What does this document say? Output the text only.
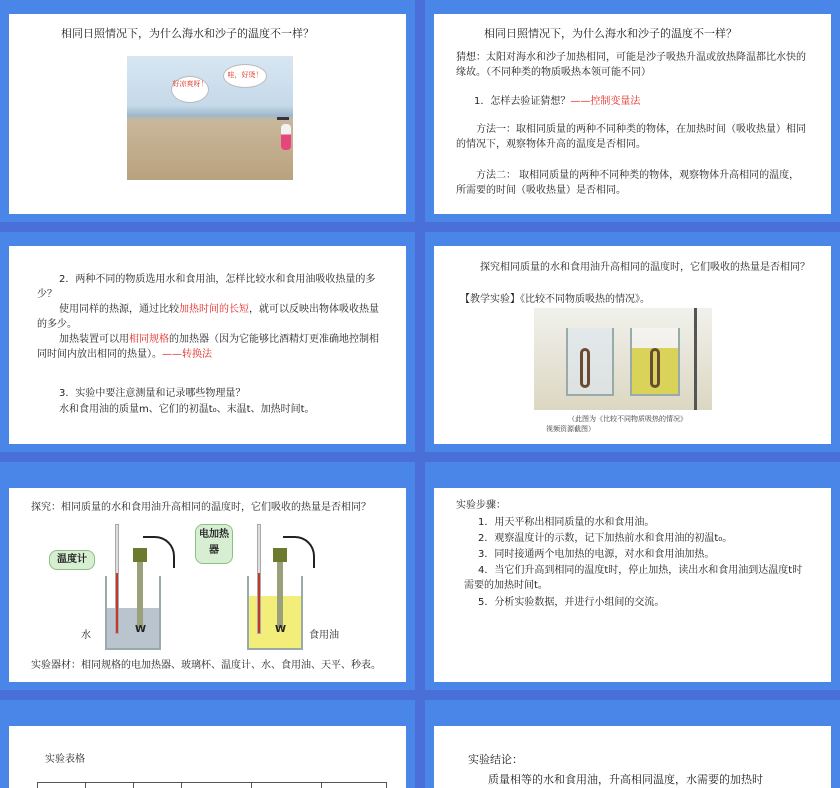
相同日照情况下，为什么海水和沙子的温度不一样？
好凉爽呀！
哇，好烫！
相同日照情况下，为什么海水和沙子的温度不一样？
猜想：太阳对海水和沙子加热相同，可能是沙子吸热升温或放热降温都比水快的缘故。（不同种类的物质吸热本领可能不同）
1．怎样去验证猜想？——控制变量法
方法一：取相同质量的两种不同种类的物体，在加热时间（吸收热量）相同的情况下，观察物体升高的温度是否相同。
方法二： 取相同质量的两种不同种类的物体，观察物体升高相同的温度，所需要的时间（吸收热量）是否相同。
2．两种不同的物质选用水和食用油，怎样比较水和食用油吸收热量的多少？
使用同样的热源，通过比较加热时间的长短，就可以反映出物体吸收热量的多少。
加热装置可以用相同规格的加热器（因为它能够比酒精灯更准确地控制相同时间内放出相同的热量）。——转换法
3．实验中要注意测量和记录哪些物理量？
水和食用油的质量m、它们的初温t₀、末温t、加热时间t。
探究相同质量的水和食用油升高相同的温度时，它们吸收的热量是否相同？
【教学实验】《比较不同物质吸热的情况》。
（此图为《比较不同物质吸热的情况》
视频资源截图）
探究：相同质量的水和食用油升高相同的温度时，它们吸收的热量是否相同？
W
温度计
电加热器
水
W
食用油
实验器材：相同规格的电加热器、玻璃杯、温度计、水、食用油、天平、秒表。
实验步骤：
1．用天平称出相同质量的水和食用油。
2．观察温度计的示数，记下加热前水和食用油的初温t₀。
3．同时接通两个电加热的电源，对水和食用油加热。
4．当它们升高到相同的温度t时，停止加热，读出水和食用油到达温度t时需要的加热时间t。
5．分析实验数据，并进行小组间的交流。
实验表格	实验结论：
质量相等的水和食用油，升高相同温度，水需要的加热时
